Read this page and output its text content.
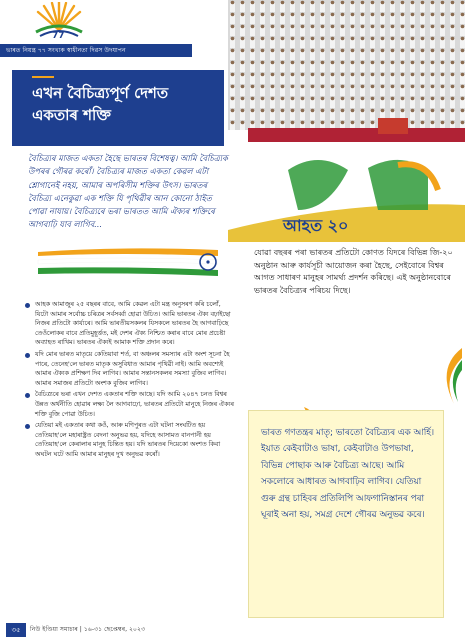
77
ভাৰত নিয়ন্ত্ৰ ৭৭ সংখ্যক স্বাধীনতা দিৱস উদযাপন
আহত ২০
এখন বৈচিত্ৰ্যপূৰ্ণ দেশত
একতাৰ শক্তি
বৈচিত্ৰ্যৰ মাজত একতা হৈছে ভাৰতৰ বিশেষত্ব। আমি বৈচিত্ৰ্যক উপৰৰ গৌৰৱ কৰোঁ। বৈচিত্ৰ্যৰ মাজত একতা কেৱল এটা শ্লোগানেই নহয়, আমাৰ অপৰিসীম শক্তিৰ উৎস। ভাৰতৰ বৈচিত্ৰ্য এনেকুৱা এক শক্তি যি পৃথিৱীৰ আন কোনো ঠাইত পোৱা নাযায়। বৈচিত্ৰ্যৰে ভৰা ভাৰতত আমি ঐক্যৰ শক্তিৰে আগবাঢ়ি যাব লাগিব...
যোৱা বছৰৰ পৰা ভাৰতৰ প্ৰতিটো কোণত যিদৰে বিভিন্ন জি-২০ অনুষ্ঠান আৰু কাৰ্যসূচী আয়োজন কৰা হৈছে, সেইবোৰে বিশ্বৰ আগত সাধাৰণ মানুহৰ সামৰ্থ্য প্ৰদৰ্শন কৰিছে। এই অনুষ্ঠানবোৰে ভাৰতৰ বৈচিত্ৰ্যৰ পৰিচয় দিছে।
আহক আমাজুৰ ২৫ বছৰৰ বাবে, আমি কেৱল এটা মন্ত্ৰ অনুসৰণ কৰি চলোঁ, যিটো আমাৰ সৰ্বোচ্চ চৰিত্ৰৰ সৰ্বসৰ্ব্বা হোৱা উচিত। আমি ভাৰতৰ ঐক্য বঢ়াইছো নিজৰ প্ৰতিটো কাৰ্য্যৰে। আমি ভাৰতীয়সকলৰ যিসকলে ভাৰতৰ হৈ আগবাঢ়িছে তেওঁলোকৰ বাবে প্ৰতিমুহূৰ্ত্তত, মই দেশৰ ঐক্য নিশ্চিত কৰাৰ বাবে মোৰ প্ৰচেষ্টা অব্যাহত ৰাখিম। ভাৰতৰ ঐক্যই আমাক শক্তি প্ৰদান কৰে।
যদি মোৰ ভাৰত মাতৃয়ে কেতিয়াবা শৰ্ত, বা অঞ্চলৰ সমস্যাৰ এটা অংশ সূচনা হৈ পাৰে, তেনেহ'লে ভাৰত মাতৃক অসুবিধাত আমাৰ পৃথিৱী নাই। আমি অবশ্যেই আমাৰ ঐক্যক প্ৰশিক্ষণ দিব লাগিব। আমাৰ সন্তানসকলৰ সমস্যা বুজিব লাগিব। আমাৰ সমাজৰ প্ৰতিটো অংশক বুজিব লাগিব।
বৈচিত্ৰ্যৰে ভৰা এখন দেশত একতাৰ শক্তি আছে। যদি আমি ২০৪৭ চনত বিশ্বৰ উন্নত অৰ্থনীতি হোৱাৰ লক্ষ্য লৈ আগবাঢ়ো, ভাৰতৰ প্ৰতিটো মানুহে নিজৰ ঐক্যৰ শক্তি বুজি পোৱা উচিত।
যেতিয়া মই একতাৰ কথা কওঁ, আৰু মণিপুৰত এটা ঘটনা সংঘটিত হয় তেতিয়াহ'লে মহাৰাষ্ট্ৰত বেদনা অনুভৱ হয়, যদিহে আসামত বানপানী হয় তেতিয়াহ'লে কেৰালাৰ মানুহ চিন্তিত হয়। যদি ভাৰতৰ দিয়েকো অংশত কিবা অঘটন ঘটে আমি আমাৰ মানুহৰ দুখ অনুভৱ কৰোঁ।
ভাৰত গণতন্ত্ৰৰ মাতৃ; ভাৰতো বৈচিত্ৰ্যৰ এক আৰ্হি। ইয়াত কেইবাটাও ভাষা, কেইবাটাও উপভাষা, বিভিন্ন পোছাক আৰু বৈচিত্ৰ্য আছে। আমি সকলোৰে আধাৰত আগবাঢ়িব লাগিব। যেতিয়া গুৰু গ্ৰন্থ চাহিবৰ প্ৰতিলিপি আফগানিস্তানৰ পৰা ঘূৰাই অনা হয়, সমগ্ৰ দেশে গৌৰৱ অনুভৱ কৰে।
৩৫	নিউ ইণ্ডিয়া সমাচাৰ | ১৬-৩১ ছেপ্তেম্বৰ, ২০২৩
